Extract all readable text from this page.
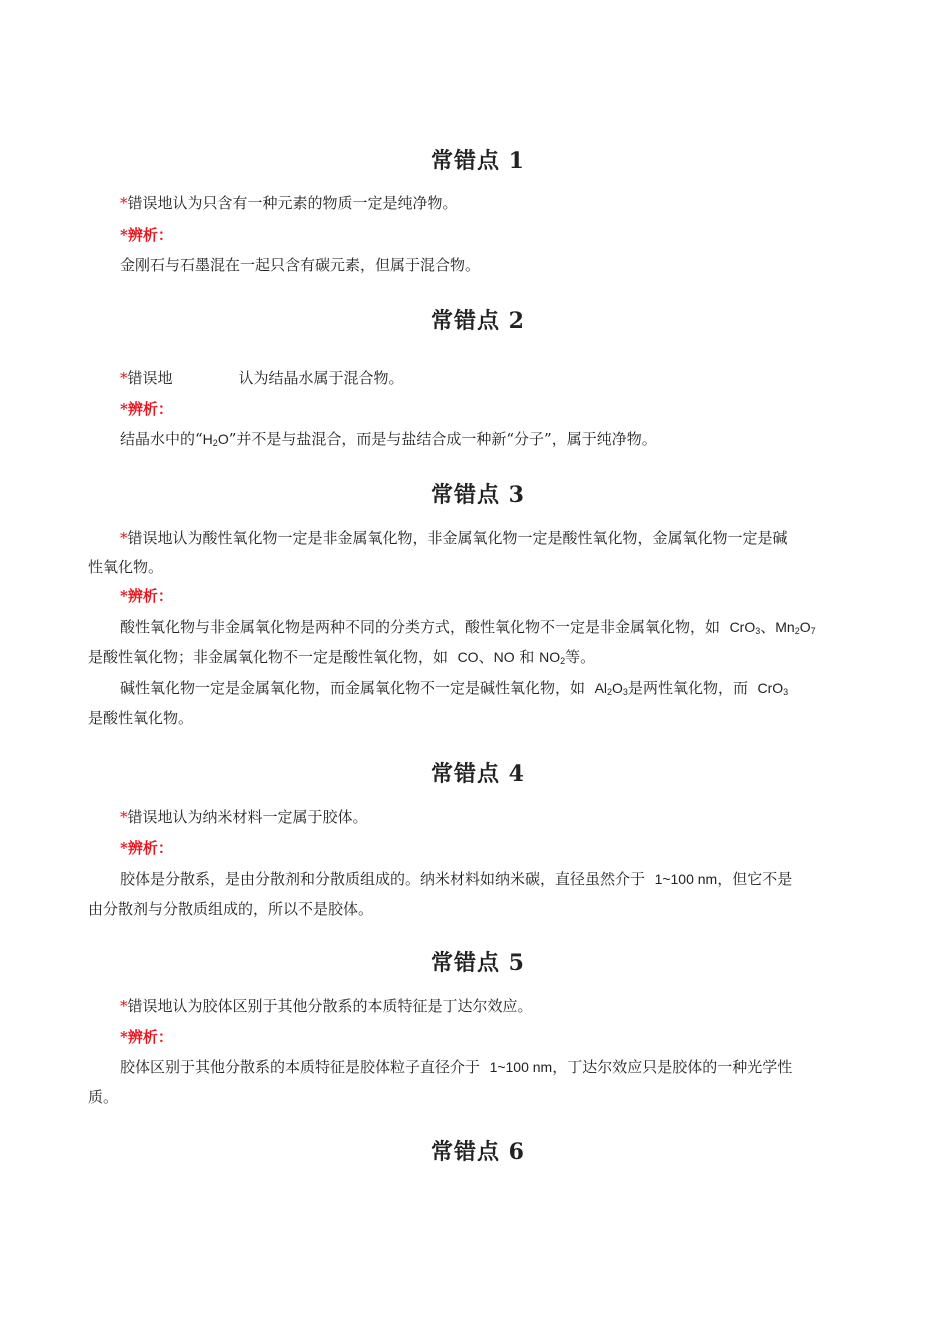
常错点 1
*错误地认为只含有一种元素的物质一定是纯净物。
*辨析：
金刚石与石墨混在一起只含有碳元素，但属于混合物。
常错点 2
*错误地	认为结晶水属于混合物。
*辨析：
结晶水中的“$H_2O$”并不是与盐混合，而是与盐结合成一种新“分子”，属于纯净物。
常错点 3
*错误地认为酸性氧化物一定是非金属氧化物，非金属氧化物一定是酸性氧化物，金属氧化物一定是碱
性氧化物。
*辨析：
酸性氧化物与非金属氧化物是两种不同的分类方式，酸性氧化物不一定是非金属氧化物，如 CrO$_3$、$Mn_2O_7$
是酸性氧化物；非金属氧化物不一定是酸性氧化物，如 CO、NO 和 $NO_2$等。
碱性氧化物一定是金属氧化物，而金属氧化物不一定是碱性氧化物，如 $Al_2O_3$是两性氧化物，而 CrO$_3$
是酸性氧化物。
常错点 4
*错误地认为纳米材料一定属于胶体。
*辨析：
胶体是分散系，是由分散剂和分散质组成的。纳米材料如纳米碳，直径虽然介于 1~100 nm，但它不是
由分散剂与分散质组成的，所以不是胶体。
常错点 5
*错误地认为胶体区别于其他分散系的本质特征是丁达尔效应。
*辨析：
胶体区别于其他分散系的本质特征是胶体粒子直径介于 1~100 nm，丁达尔效应只是胶体的一种光学性
质。
常错点 6
